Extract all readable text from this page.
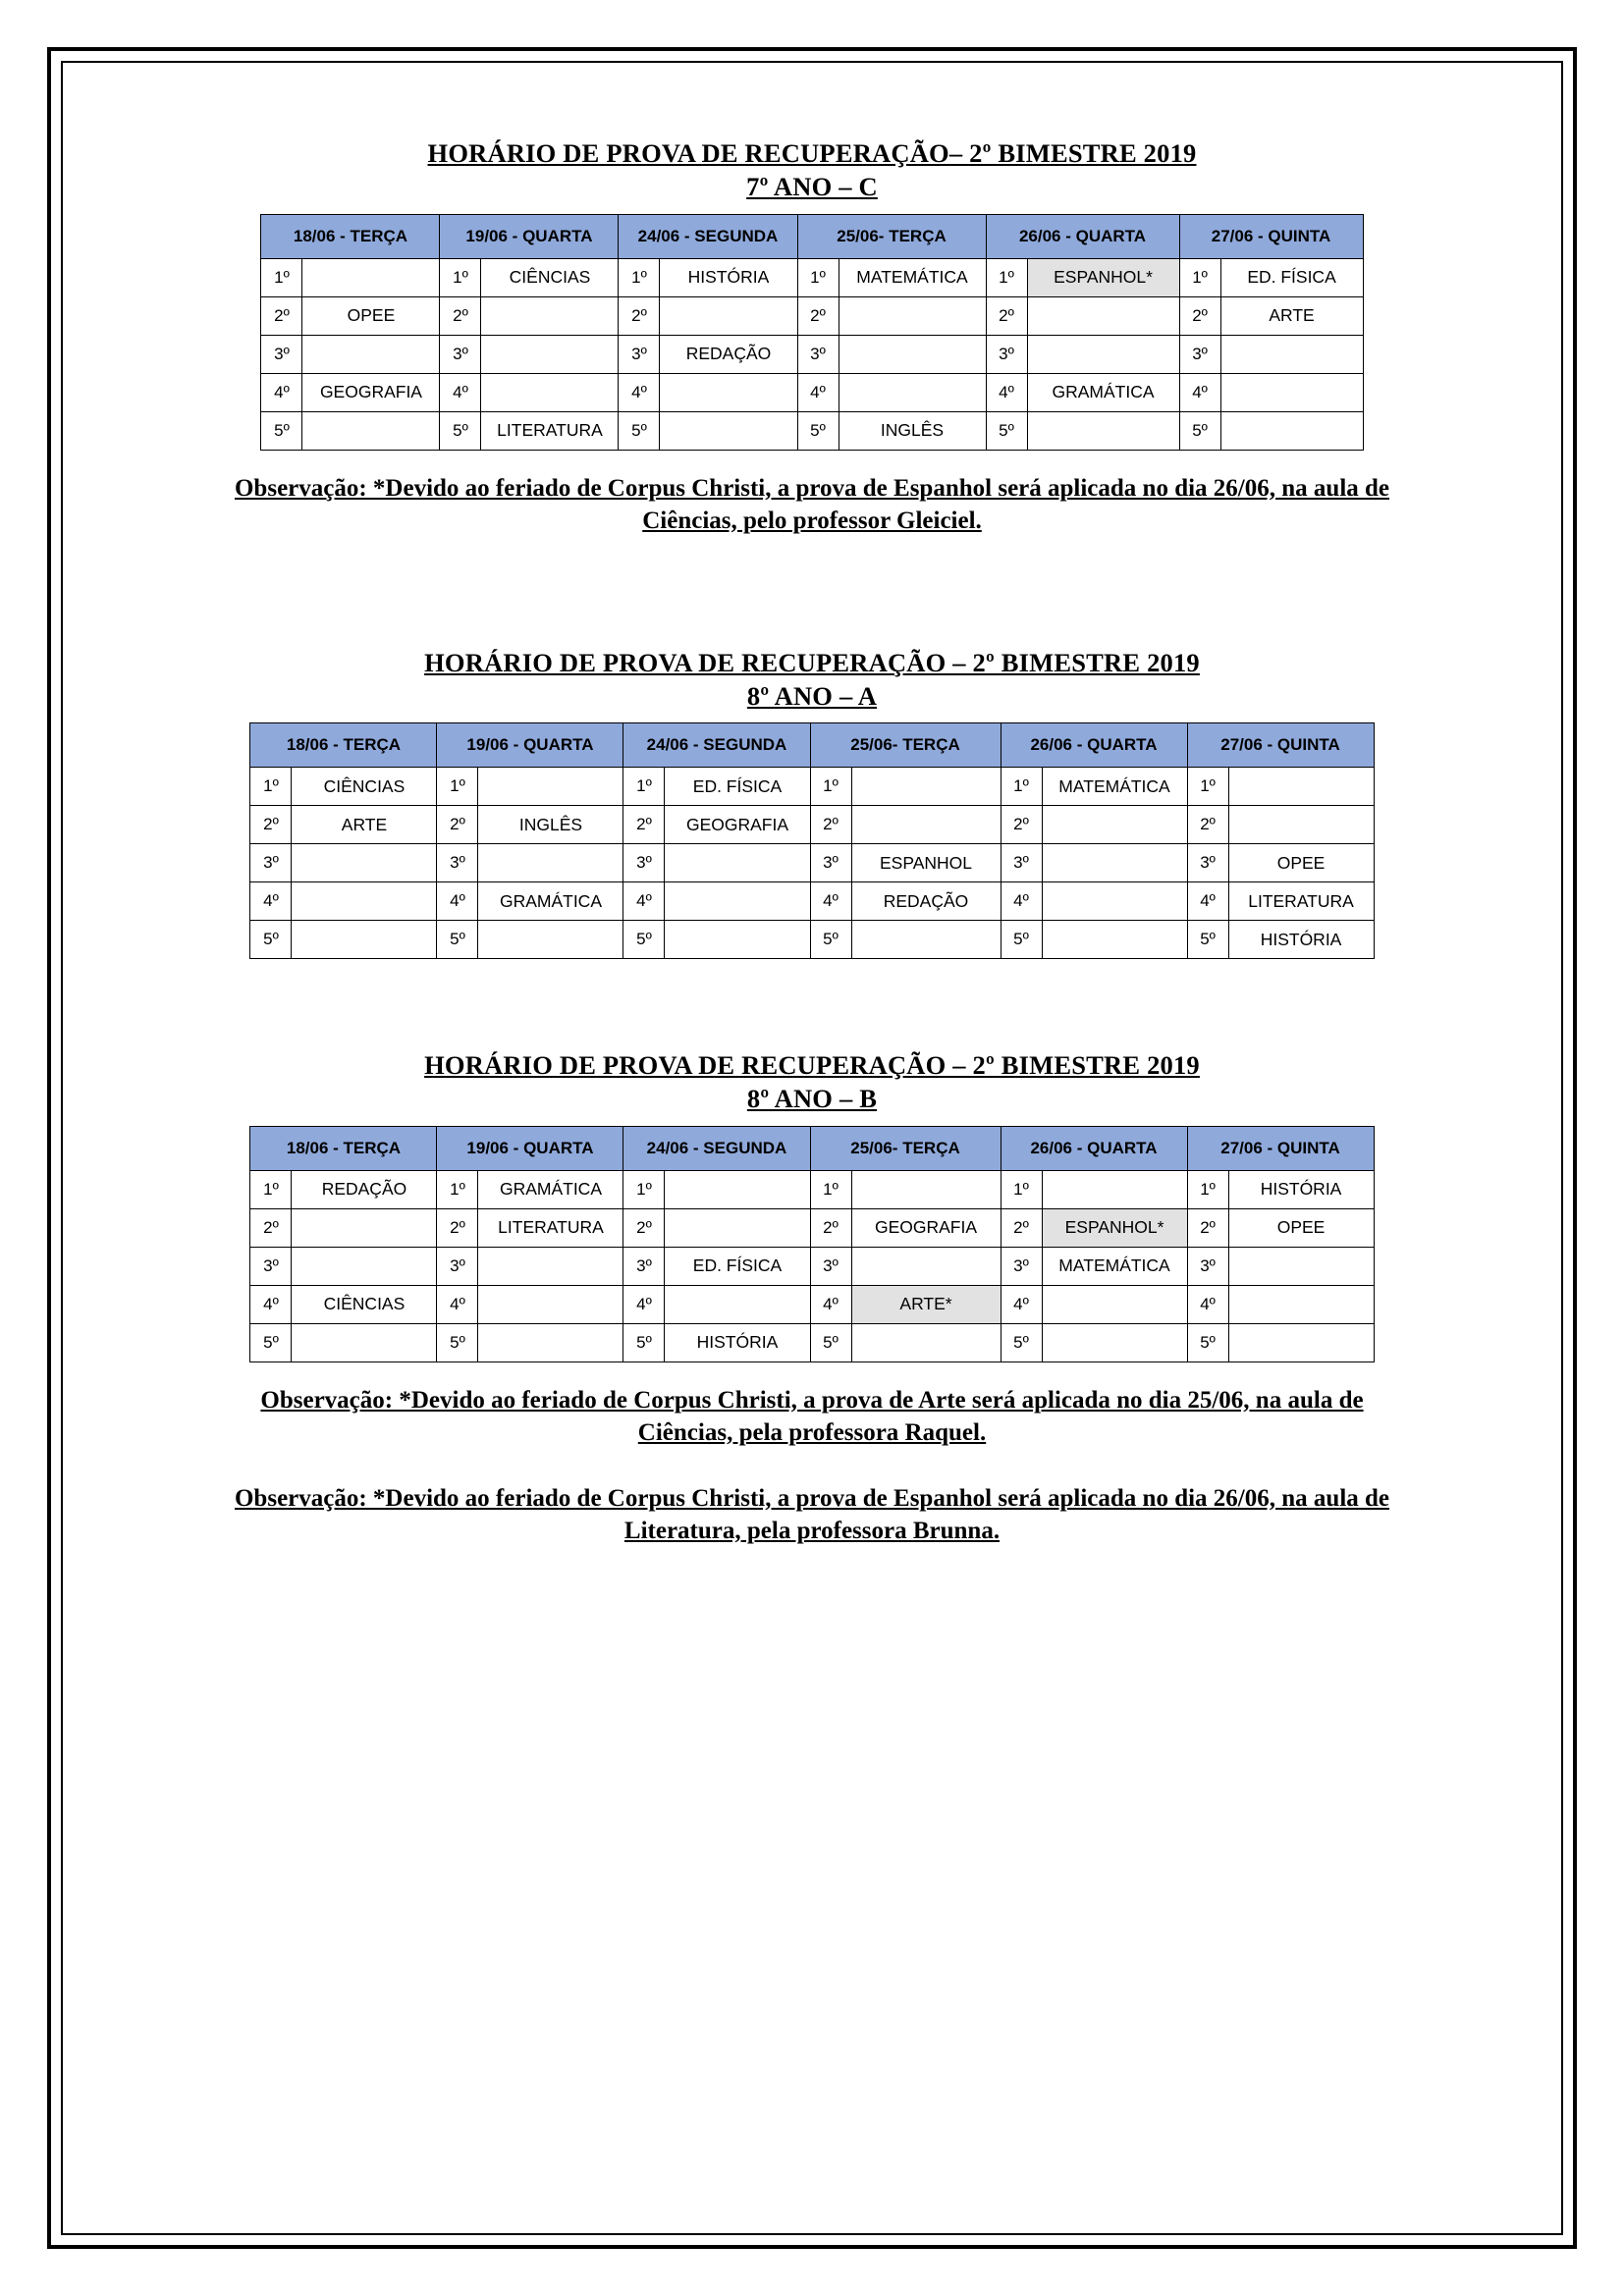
HORÁRIO DE PROVA DE RECUPERAÇÃO– 2º BIMESTRE 2019
7º ANO – C
18/06 - TERÇA		19/06 - QUARTA		24/06 - SEGUNDA		25/06- TERÇA		26/06 - QUARTA		27/06 - QUINTA	
1º		1º	CIÊNCIAS	1º	HISTÓRIA	1º	MATEMÁTICA	1º	ESPANHOL*	1º	ED. FÍSICA
2º	OPEE	2º		2º		2º		2º		2º	ARTE
3º		3º		3º	REDAÇÃO	3º		3º		3º	
4º	GEOGRAFIA	4º		4º		4º		4º	GRAMÁTICA	4º	
5º		5º	LITERATURA	5º		5º	INGLÊS	5º		5º	

Observação: *Devido ao feriado de Corpus Christi, a prova de Espanhol será aplicada no dia 26/06, na aula de Ciências, pelo professor Gleiciel.

HORÁRIO DE PROVA DE RECUPERAÇÃO – 2º BIMESTRE 2019
8º ANO – A
18/06 - TERÇA		19/06 - QUARTA		24/06 - SEGUNDA		25/06- TERÇA		26/06 - QUARTA		27/06 - QUINTA	
1º	CIÊNCIAS	1º		1º	ED. FÍSICA	1º		1º	MATEMÁTICA	1º	
2º	ARTE	2º	INGLÊS	2º	GEOGRAFIA	2º		2º		2º	
3º		3º		3º		3º	ESPANHOL	3º		3º	OPEE
4º		4º	GRAMÁTICA	4º		4º	REDAÇÃO	4º		4º	LITERATURA
5º		5º		5º		5º		5º		5º	HISTÓRIA
HORÁRIO DE PROVA DE RECUPERAÇÃO – 2º BIMESTRE 2019
8º ANO – B
18/06 - TERÇA		19/06 - QUARTA		24/06 - SEGUNDA		25/06- TERÇA		26/06 - QUARTA		27/06 - QUINTA	
1º	REDAÇÃO	1º	GRAMÁTICA	1º		1º		1º		1º	HISTÓRIA
2º		2º	LITERATURA	2º		2º	GEOGRAFIA	2º	ESPANHOL*	2º	OPEE
3º		3º		3º	ED. FÍSICA	3º		3º	MATEMÁTICA	3º	
4º	CIÊNCIAS	4º		4º		4º	ARTE*	4º		4º	
5º		5º		5º	HISTÓRIA	5º		5º		5º	

Observação: *Devido ao feriado de Corpus Christi, a prova de Arte será aplicada no dia 25/06, na aula de Ciências, pela professora Raquel.

Observação: *Devido ao feriado de Corpus Christi, a prova de Espanhol será aplicada no dia 26/06, na aula de Literatura, pela professora Brunna.
